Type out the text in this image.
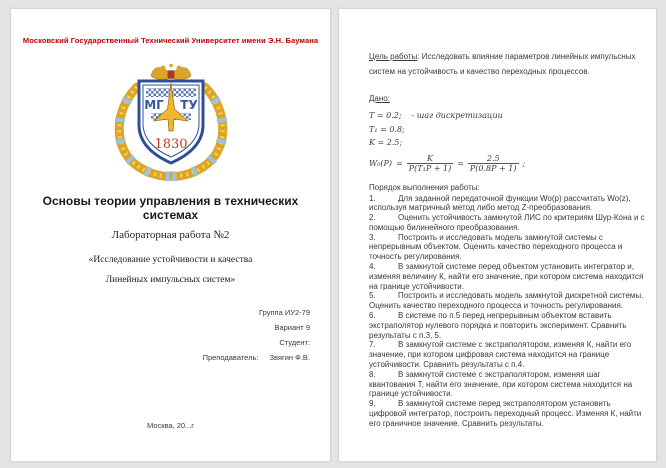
Московский Государственный Технический Университет имени Э.Н. Баумана
МГ ТУ
1830
Основы теории управления в технических системах
Лабораторная работа №2
«Исследование устойчивости и качества
Линейных импульсных систем»
Группа ИУ2-79
Вариант 9
Студент:
Преподаватель: Звягин Ф.В.
Москва, 20...г

Цель работы: Исследовать влияние параметров линейных импульсных систем на устойчивость и качество переходных процессов.

Дано:

T = 0.2; - шаг дискретизации

T₁ = 0.8;

K = 2.5;

$W_0(P) = \frac{K}{\text{P(T₁P + 1)}} = \frac{2.5}{P(0.8P + 1)}$ ;

Порядок выполнения работы:

1.	Для заданной передаточной функции Wo(p) рассчитать Wo(z), используя матричный метод либо метод Z-преобразования.

2.	Оценить устойчивость замкнутой ЛИС по критериям Шур-Кона и с помощью билинейного преобразования.

3.	Построить и исследовать модель замкнутой системы с непрерывным объектом. Оценить качество переходного процесса и точность регулирования.

4.	В замкнутой системе перед объектом установить интегратор и, изменяя величину К, найти его значение, при котором система находится на границе устойчивости.

5.	Построить и исследовать модель замкнутой дискретной системы. Оценить качество переходного процесса и точность регулирования.

6.	В системе по п.5 перед непрерывным объектом вставить экстраполятор нулевого порядка и повторить эксперимент. Сравнить результаты с п.3, 5.

7.	В замкнутой системе с экстраполятором, изменяя К, найти его значение, при котором цифровая система находится на границе устойчивости. Сравнить результаты с п.4.

8.	В замкнутой системе с экстраполятором, изменяя шаг квантования Т, найти его значение, при котором система находится на границе устойчивости.

9.	В замкнутой системе перед экстраполятором установить цифровой интегратор, построить переходный процесс. Изменяя К, найти его граничное значение. Сравнить результаты.
